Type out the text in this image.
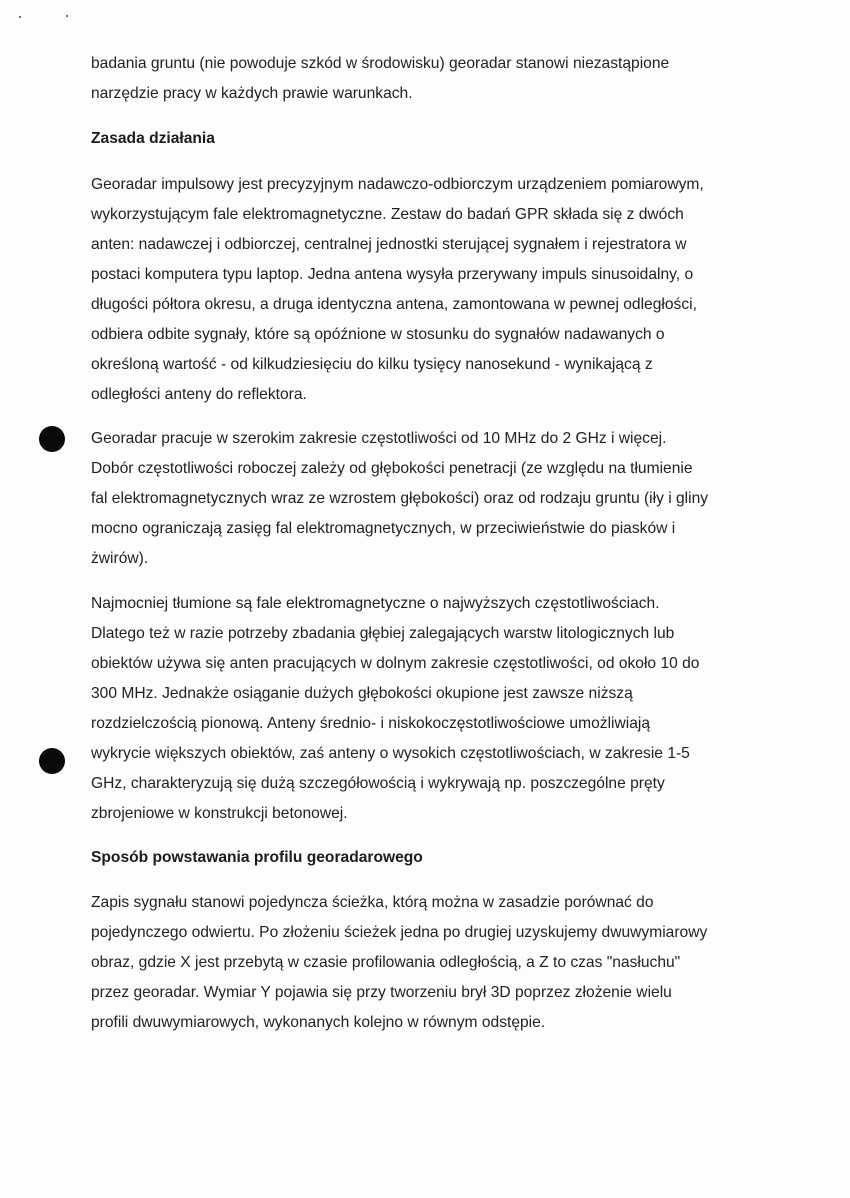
badania gruntu (nie powoduje szkód w środowisku) georadar stanowi niezastąpione
narzędzie pracy w każdych prawie warunkach.
Zasada działania
Georadar impulsowy jest precyzyjnym nadawczo-odbiorczym urządzeniem pomiarowym,
wykorzystującym fale elektromagnetyczne. Zestaw do badań GPR składa się z dwóch
anten: nadawczej i odbiorczej, centralnej jednostki sterującej sygnałem i rejestratora w
postaci komputera typu laptop. Jedna antena wysyła przerywany impuls sinusoidalny, o
długości półtora okresu, a druga identyczna antena, zamontowana w pewnej odległości,
odbiera odbite sygnały, które są opóźnione w stosunku do sygnałów nadawanych o
określoną wartość - od kilkudziesięciu do kilku tysięcy nanosekund - wynikającą z
odległości anteny do reflektora.
Georadar pracuje w szerokim zakresie częstotliwości od 10 MHz do 2 GHz i więcej.
Dobór częstotliwości roboczej zależy od głębokości penetracji (ze względu na tłumienie
fal elektromagnetycznych wraz ze wzrostem głębokości) oraz od rodzaju gruntu (iły i gliny
mocno ograniczają zasięg fal elektromagnetycznych, w przeciwieństwie do piasków i
żwirów).
Najmocniej tłumione są fale elektromagnetyczne o najwyższych częstotliwościach.
Dlatego też w razie potrzeby zbadania głębiej zalegających warstw litologicznych lub
obiektów używa się anten pracujących w dolnym zakresie częstotliwości, od około 10 do
300 MHz. Jednakże osiąganie dużych głębokości okupione jest zawsze niższą
rozdzielczością pionową. Anteny średnio- i niskokoczęstotliwościowe umożliwiają
wykrycie większych obiektów, zaś anteny o wysokich częstotliwościach, w zakresie 1-5
GHz, charakteryzują się dużą szczegółowością i wykrywają np. poszczególne pręty
zbrojeniowe w konstrukcji betonowej.
Sposób powstawania profilu georadarowego
Zapis sygnału stanowi pojedyncza ścieżka, którą można w zasadzie porównać do
pojedynczego odwiertu. Po złożeniu ścieżek jedna po drugiej uzyskujemy dwuwymiarowy
obraz, gdzie X jest przebytą w czasie profilowania odległością, a Z to czas "nasłuchu"
przez georadar. Wymiar Y pojawia się przy tworzeniu brył 3D poprzez złożenie wielu
profili dwuwymiarowych, wykonanych kolejno w równym odstępie.
